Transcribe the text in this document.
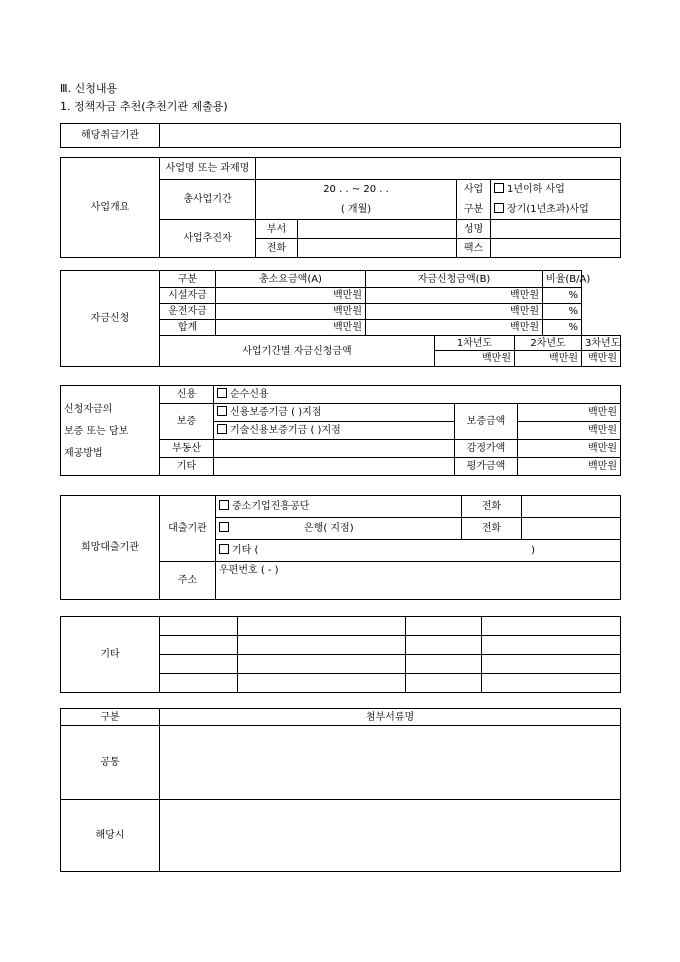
Ⅲ. 신청내용
1. 정책자금 추천(추천기관 제출용)
해당취급기관	
사업개요	사업명 또는 과제명				
	총사업기간	20 . . ~ 20 . .		사업	1년이하 사업
		( 개월)		구분	장기(1년초과)사업
	사업추진자	부서		성명	
		전화		팩스	
자금신청	구분	총소요금액(A)	자금신청금액(B)			비율(B/A)	
	시설자금	백만원	백만원			%	
	운전자금	백만원	백만원			%	
	합계	백만원	백만원			%	
	사업기간별 자금신청금액			1차년도	2차년도		3차년도
				백만원	백만원		백만원
신청자금의
보증 또는 담보
제공방법	신용	순수신용		
	보증	신용보증기금 ( )지점	보증금액	백만원
		기술신용보증기금 ( )지점		백만원
	부동산		감정가액	백만원
	기타		평가금액	백만원
희망대출기관	대출기관	중소기업진흥공단	전화	
		은행( 지점)	전화	
		기타 ( )		

	주소	우편번호 ( - )		
기타				

구분	첨부서류명
공통	
해당시	
